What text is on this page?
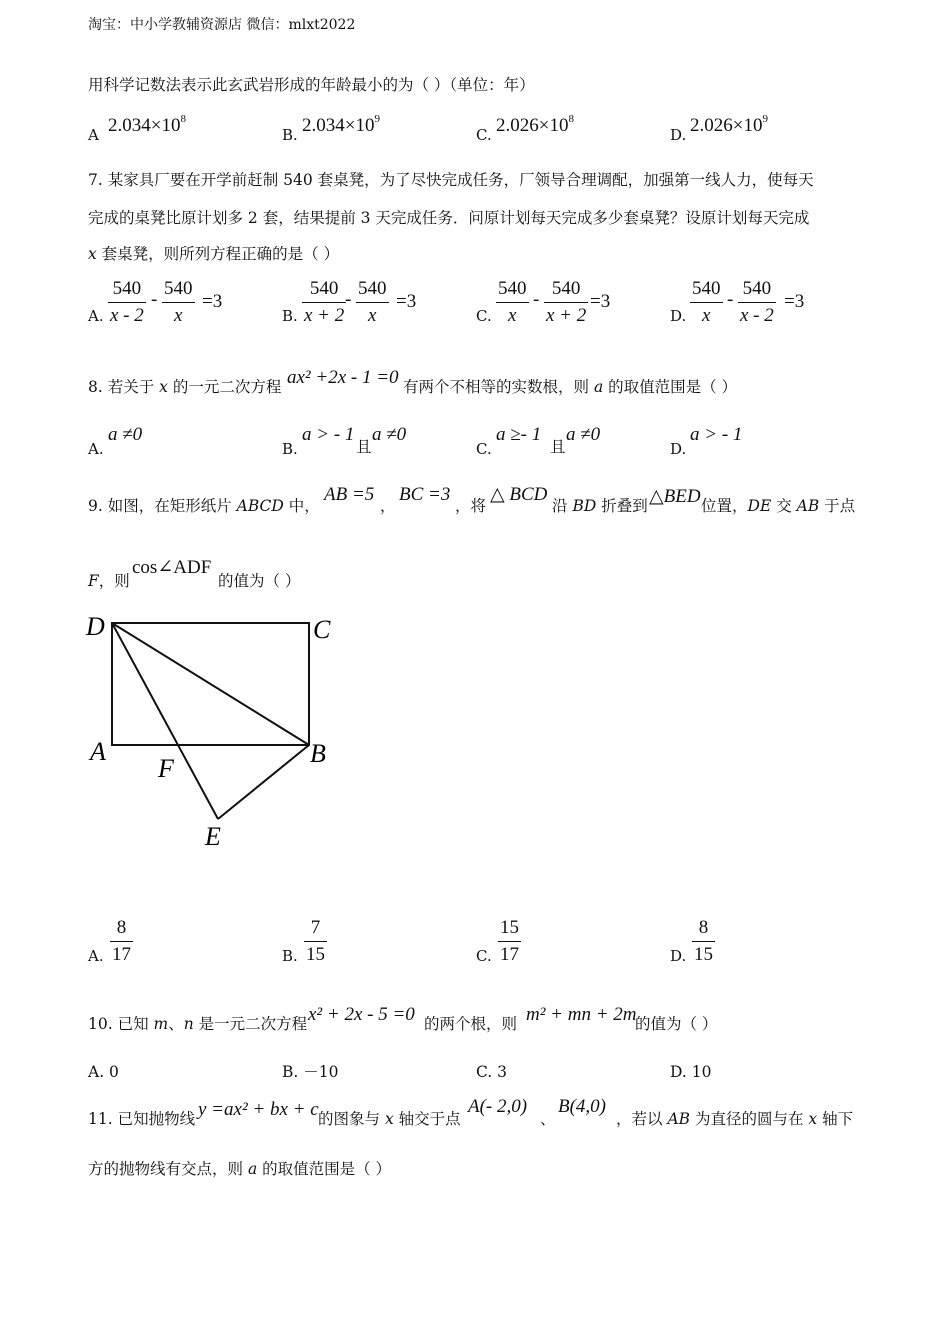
淘宝：中小学教辅资源店 微信：mlxt2022
用科学记数法表示此玄武岩形成的年龄最小的为（ ）（单位：年）
A $2.034\times 10^8$
B. $2.034\times 10^9$
C. $2.026\times 10^8$
D. $2.026\times 10^9$
7. 某家具厂要在开学前赶制 540 套桌凳，为了尽快完成任务，厂领导合理调配，加强第一线人力，使每天
完成的桌凳比原计划多 2 套，结果提前 3 天完成任务．问原计划每天完成多少套桌凳？设原计划每天完成
x 套桌凳，则所列方程正确的是（ ）
A.
540
x - 2
-
540
x
=3
B.
540
x + 2
-
540
x
=3
C.
540
x
-
540
x + 2
=3
D.
540
x
-
540
x - 2
=3
8. 若关于 x 的一元二次方程 ax² +2x - 1 =0 有两个不相等的实数根，则 a 的取值范围是（ ）
A.
a ≠0
B.
a > - 1
且
a ≠0
C.
a ≥- 1
且
a ≠0
D.
a > - 1
9. 如图，在矩形纸片 ABCD 中，
AB =5
，
BC =3
，将
△ BCD
沿 BD 折叠到 △BED 位置，DE 交 AB 于点
F，则
cos∠ADF
的值为（ ）
D	C
A
F
B
E
A.
8
17	B.
7
15	C.
15
17	D.
8
15
10. 已知 m、n 是一元二次方程 x² + 2x - 5 =0 的两个根，则 m² + mn + 2m
的值为（ ）
A. 0	B. －10	C. 3	D. 10
11. 已知抛物线 y =ax² + bx + c 的图象与 x 轴交于点
A(- 2,0)
、
B(4,0)
，若以 AB 为直径的圆与在 x 轴下
方的抛物线有交点，则 a 的取值范围是（ ）
